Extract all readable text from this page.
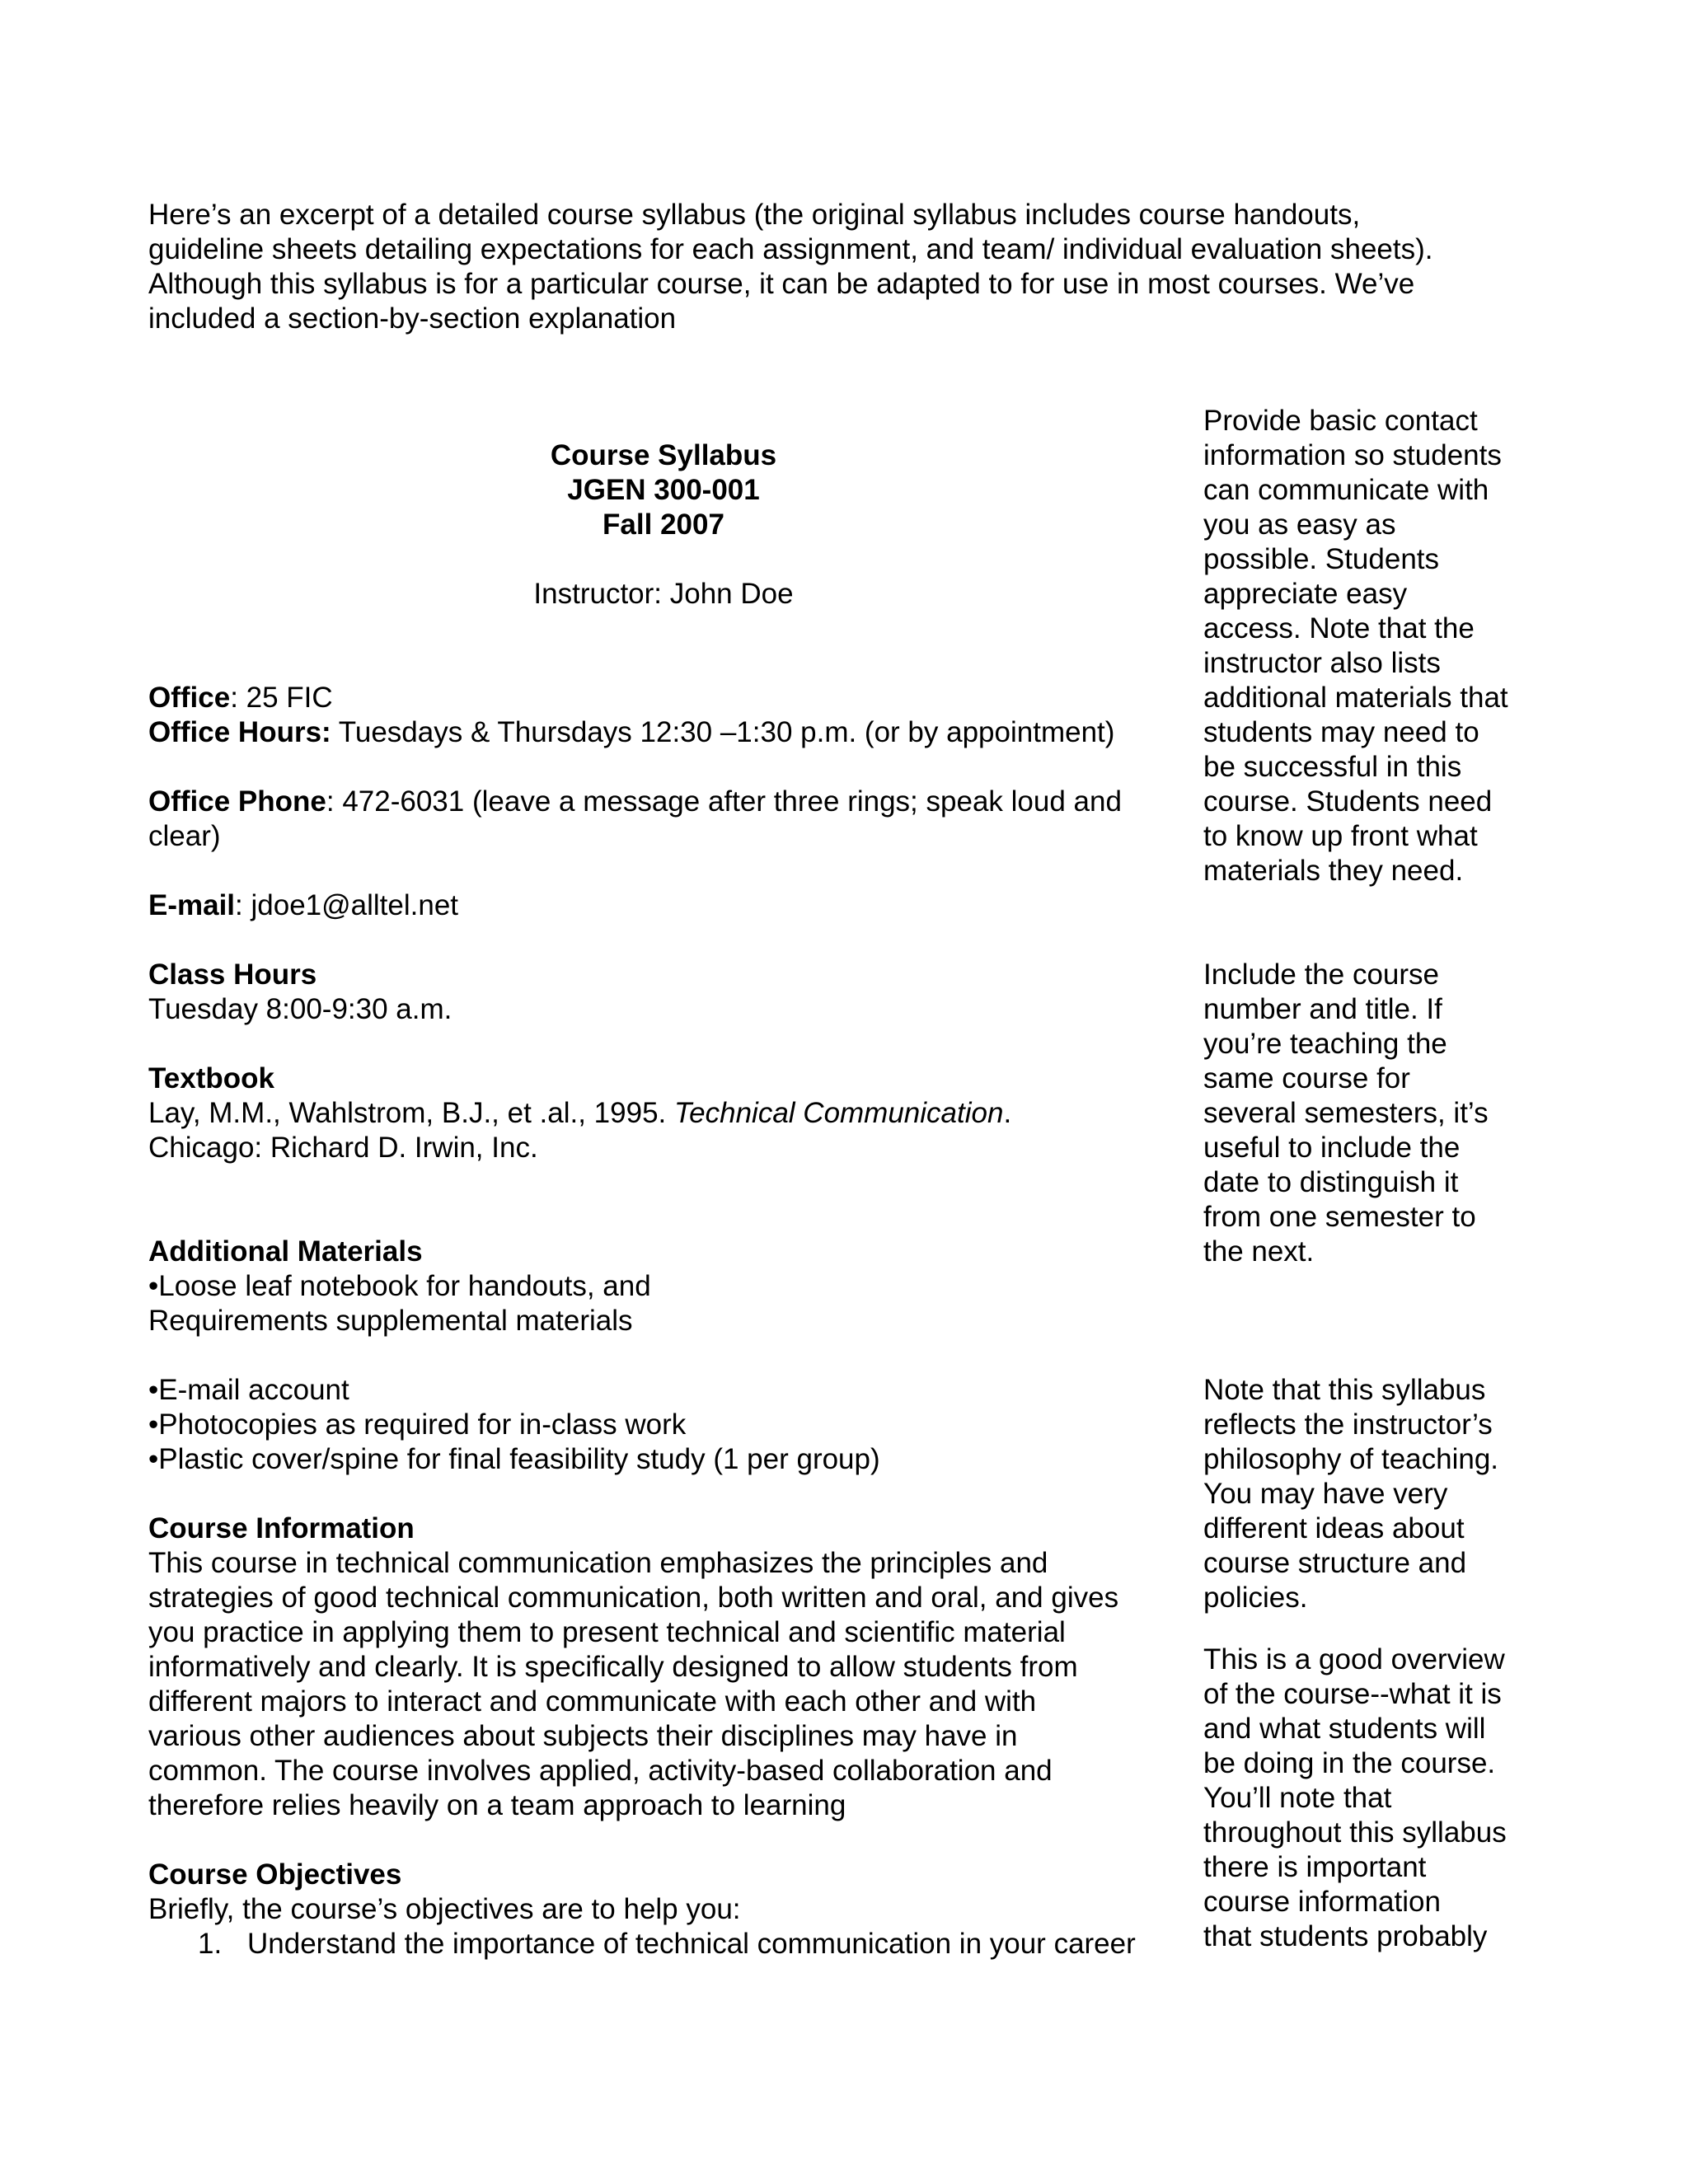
Here’s an excerpt of a detailed course syllabus (the original syllabus includes course handouts,
guideline sheets detailing expectations for each assignment, and team/ individual evaluation sheets).
Although this syllabus is for a particular course, it can be adapted to for use in most courses. We’ve
included a section-by-section explanation
Course Syllabus
JGEN 300-001
Fall 2007
Instructor: John Doe
Office: 25 FIC
Office Hours: Tuesdays & Thursdays 12:30 –1:30 p.m. (or by appointment)
Office Phone: 472-6031 (leave a message after three rings; speak loud and
clear)
E-mail: jdoe1@alltel.net
Class Hours
Tuesday 8:00-9:30 a.m.
Textbook
Lay, M.M., Wahlstrom, B.J., et .al., 1995. Technical Communication.
Chicago: Richard D. Irwin, Inc.
Additional Materials
•Loose leaf notebook for handouts, and
Requirements supplemental materials
•E-mail account
•Photocopies as required for in-class work
•Plastic cover/spine for final feasibility study (1 per group)
Course Information
This course in technical communication emphasizes the principles and
strategies of good technical communication, both written and oral, and gives
you practice in applying them to present technical and scientific material
informatively and clearly. It is specifically designed to allow students from
different majors to interact and communicate with each other and with
various other audiences about subjects their disciplines may have in
common. The course involves applied, activity-based collaboration and
therefore relies heavily on a team approach to learning
Course Objectives
Briefly, the course’s objectives are to help you:
1. Understand the importance of technical communication in your career
Provide basic contact
information so students
can communicate with
you as easy as
possible. Students
appreciate easy
access. Note that the
instructor also lists
additional materials that
students may need to
be successful in this
course. Students need
to know up front what
materials they need.
Include the course
number and title. If
you’re teaching the
same course for
several semesters, it’s
useful to include the
date to distinguish it
from one semester to
the next.
Note that this syllabus
reflects the instructor’s
philosophy of teaching.
You may have very
different ideas about
course structure and
policies.
This is a good overview
of the course--what it is
and what students will
be doing in the course.
You’ll note that
throughout this syllabus
there is important
course information
that students probably
